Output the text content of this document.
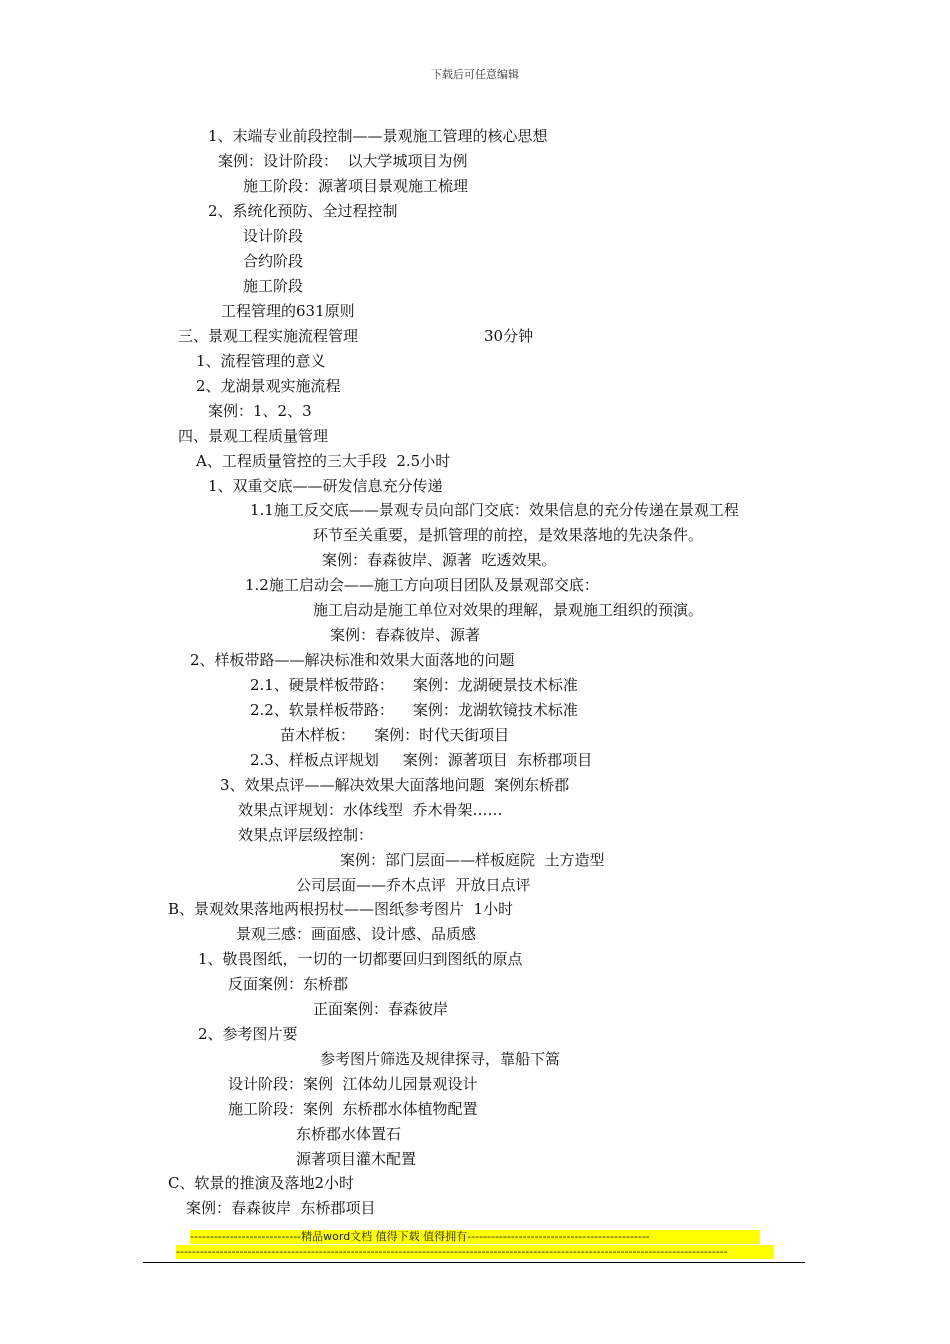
下载后可任意编辑
1、末端专业前段控制——景观施工管理的核心思想
案例：设计阶段：  以大学城项目为例
施工阶段：源著项目景观施工梳理
2、系统化预防、全过程控制
设计阶段
合约阶段
施工阶段
工程管理的631原则
三、景观工程实施流程管理	30分钟
1、流程管理的意义
2、龙湖景观实施流程
案例：1、2、3
四、景观工程质量管理
A、工程质量管控的三大手段  2.5小时
1、双重交底——研发信息充分传递
1.1施工反交底——景观专员向部门交底：效果信息的充分传递在景观工程
环节至关重要，是抓管理的前控，是效果落地的先决条件。
案例：春森彼岸、源著  吃透效果。
1.2施工启动会——施工方向项目团队及景观部交底：
施工启动是施工单位对效果的理解，景观施工组织的预演。
案例：春森彼岸、源著
2、样板带路——解决标准和效果大面落地的问题
2.1、硬景样板带路：    案例：龙湖硬景技术标准
2.2、软景样板带路：    案例：龙湖软镜技术标准
苗木样板：    案例：时代天街项目
2.3、样板点评规划     案例：源著项目  东桥郡项目
3、效果点评——解决效果大面落地问题  案例东桥郡
效果点评规划：水体线型  乔木骨架……
效果点评层级控制：
案例：部门层面——样板庭院  土方造型
公司层面——乔木点评  开放日点评
B、景观效果落地两根拐杖——图纸参考图片  1小时
景观三感：画面感、设计感、品质感
1、敬畏图纸，一切的一切都要回归到图纸的原点
反面案例：东桥郡
正面案例：春森彼岸
2、参考图片要
参考图片筛选及规律探寻，靠船下篙
设计阶段：案例  江体幼儿园景观设计
施工阶段：案例  东桥郡水体植物配置
东桥郡水体置石
源著项目灌木配置
C、软景的推演及落地2小时
案例：春森彼岸  东桥郡项目
----------------------------精品word文档 值得下载 值得拥有----------------------------------------------
-------------------------------------------------------------------------------------------------------------------------------------------
